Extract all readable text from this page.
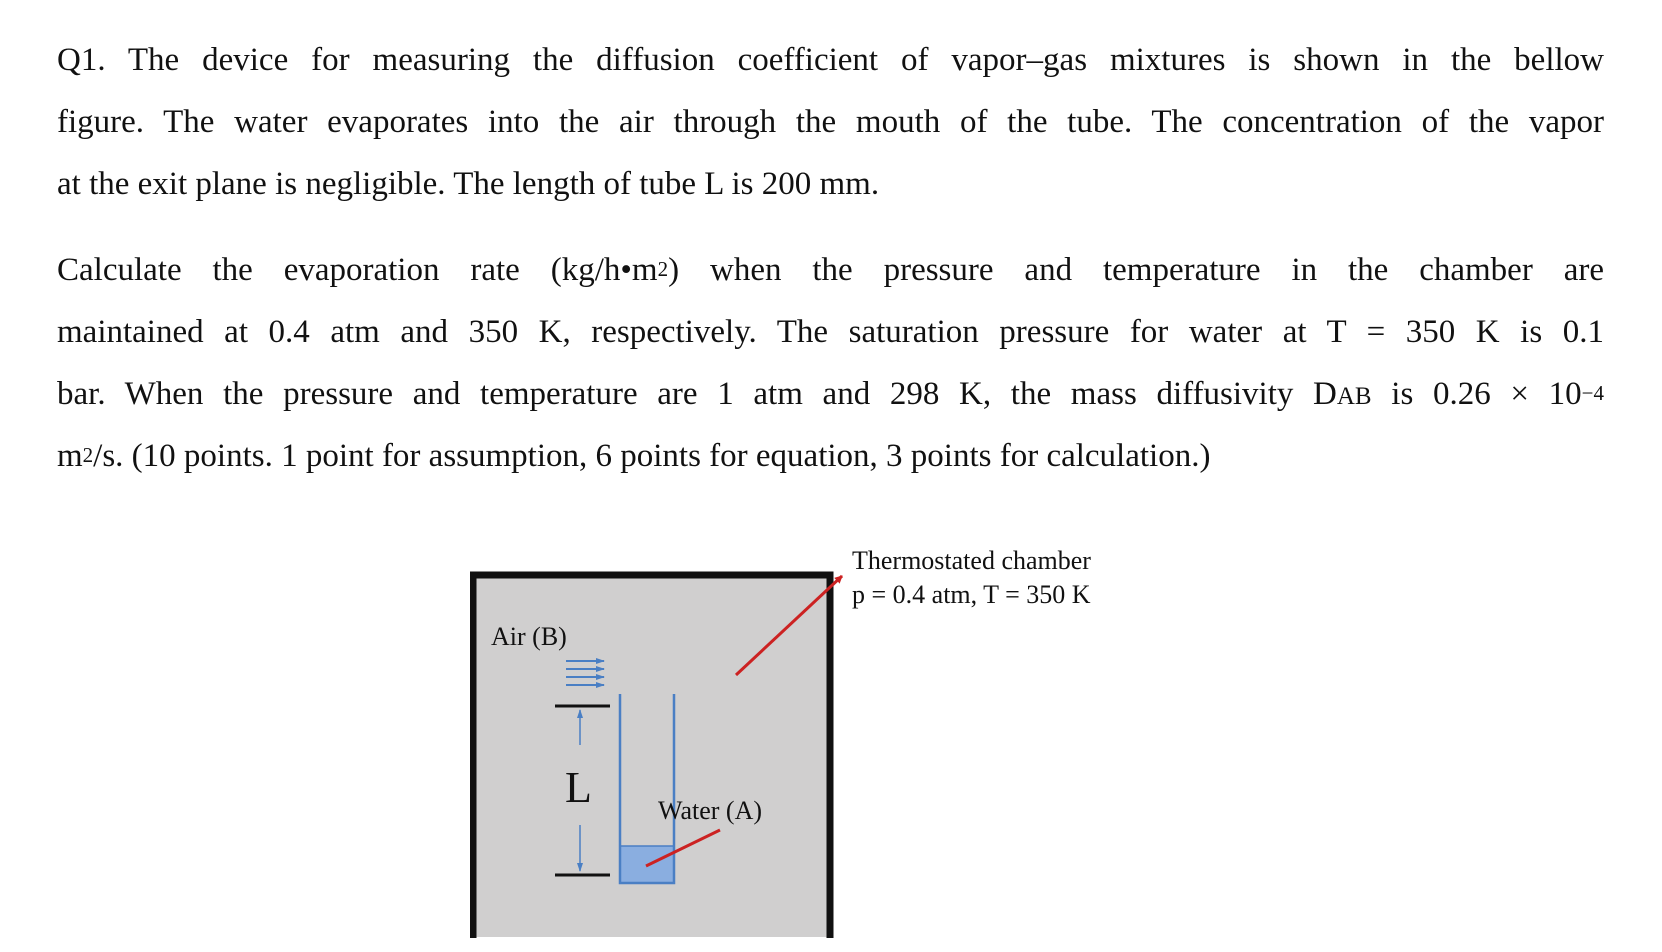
Q1. The device for measuring the diffusion coefficient of vapor–gas mixtures is shown in the bellow
figure. The water evaporates into the air through the mouth of the tube. The concentration of the vapor
at the exit plane is negligible. The length of tube L is 200 mm.
Calculate the evaporation rate $(kg/h•m^2)$ when the pressure and temperature in the chamber are
maintained at 0.4 atm and 350 K, respectively. The saturation pressure for water at T = 350 K is 0.1
bar. When the pressure and temperature are 1 atm and 298 K, the mass diffusivity DAB is $0.26 \times 10^{-4}$
$m^2/s$. (10 points. 1 point for assumption, 6 points for equation, 3 points for calculation.)
Air (B)
L	Water (A)
Thermostated chamber
p = 0.4 atm, T = 350 K
